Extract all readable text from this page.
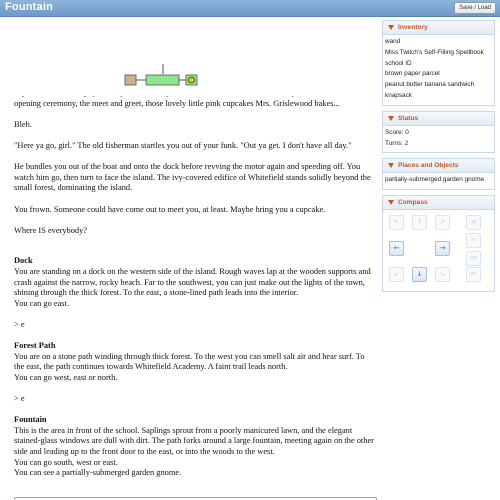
Fountain	Save / Load

opening ceremony, the meet and greet, those lovely little pink cupcakes Mrs. Grislewood bakes...

Bleh.

"Here ya go, girl." The old fisherman startles you out of your funk. "Out ya get. I don't have all day."

He bundles you out of the boat and onto the dock before revving the motor again and speeding off. You watch him go, then turn to face the island. The ivy-covered edifice of Whitefield stands solidly beyond the small forest, dominating the island.

You frown. Someone could have come out to meet you, at least. Maybe bring you a cupcake.

Where IS everybody?

Dock

You are standing on a dock on the western side of the island. Rough waves lap at the wooden supports and crash against the narrow, rocky beach. Far to the southwest, you can just make out the lights of the town, shining through the thick forest. To the east, a stone-lined path leads into the interior.

You can go east.

> e

Forest Path

You are on a stone path winding through thick forest. To the west you can smell salt air and hear surf. To the east, the path continues towards Whitefield Academy. A faint trail leads north.

You can go west, east or north.

> e

Fountain

This is the area in front of the school. Saplings sprout from a poorly manicured lawn, and the elegant stained-glass windows are dull with dirt. The path forks around a large fountain, meeting again on the other side and leading up to the front door to the east, or into the woods to the west.

You can go south, west or east.

You can see a partially-submerged garden gnome.

Inventory
wand
Miss Twitch's Self-Filling Spellbook
school ID
brown paper parcel
peanut butter banana sandwich
knapsack
Status
Score: 0
Turns: 2
Places and Objects
partially-submerged garden gnome
Compass
↖	↑	↗	up
←	→
↙	↓	↘
in
out
dn
